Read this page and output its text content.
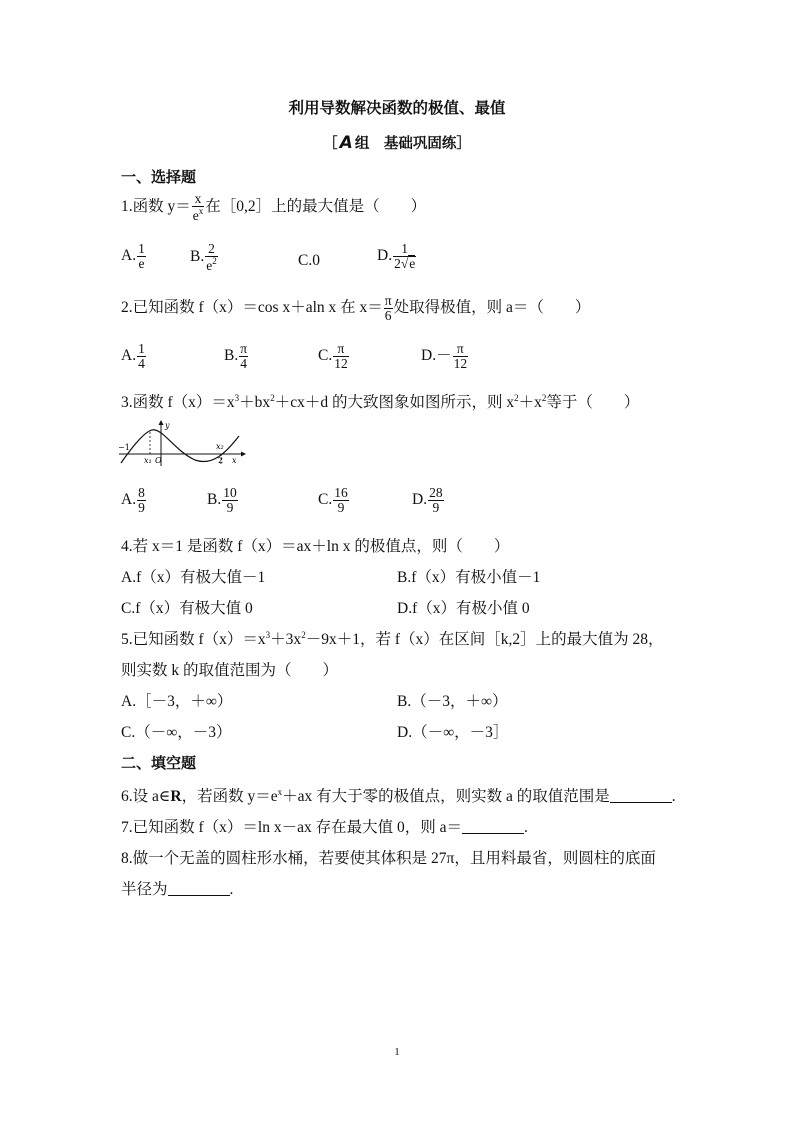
利用导数解决函数的极值、最值
［ A 组　基础巩固练］
一、选择题
1.函数 $y= \frac{x}{e^x}$ 在［0,2］上的最大值是（　　）
A. $\frac{1}{e}$	B. $\frac{2}{e^2}$	C.0	D. $\frac{1}{2√e}$
2.已知函数 f（x）＝cos x＋aln x 在 $x= \frac{\pi}{6}$ 处取得极值，则 a＝（　　）
A. $\frac{1}{4}$	B. $\frac{\pi}{4}$	C. $\frac{\pi}{12}$	$D.- \frac{\pi}{12}$
3.函数 $f(x)=x^3+bx^2+cx+d$ 的大致图象如图所示，则 $x^2+x^2$等于（　　）
−1
x₁ O
x₂
2
y
x
A. $\frac{8}{9}$	B. $\frac{10}{9}$	C. $\frac{16}{9}$	D. $\frac{28}{9}$
4.若 x＝1 是函数 f（x）＝ax＋ln x 的极值点，则（　　）
A.f（x）有极大值－1	B.f（x）有极小值－1
C.f（x）有极大值 0	D.f（x）有极小值 0
5.已知函数 $f(x)=x^3+3x^2-9x+1$，若 f（x）在区间［k,2］上的最大值为 28，
则实数 k 的取值范围为（　　）
A.［－3，＋∞）	B.（－3，＋∞）
C.（－∞，－3）	D.（－∞，－3］
二、填空题
6.设 a∈R，若函数 $y=e^x+ax$ 有大于零的极值点，则实数 a 的取值范围是	.
7.已知函数 f（x）＝ln x－ax 存在最大值 0，则 a＝	.
8.做一个无盖的圆柱形水桶，若要使其体积是 27π，且用料最省，则圆柱的底面
半径为	.
1
